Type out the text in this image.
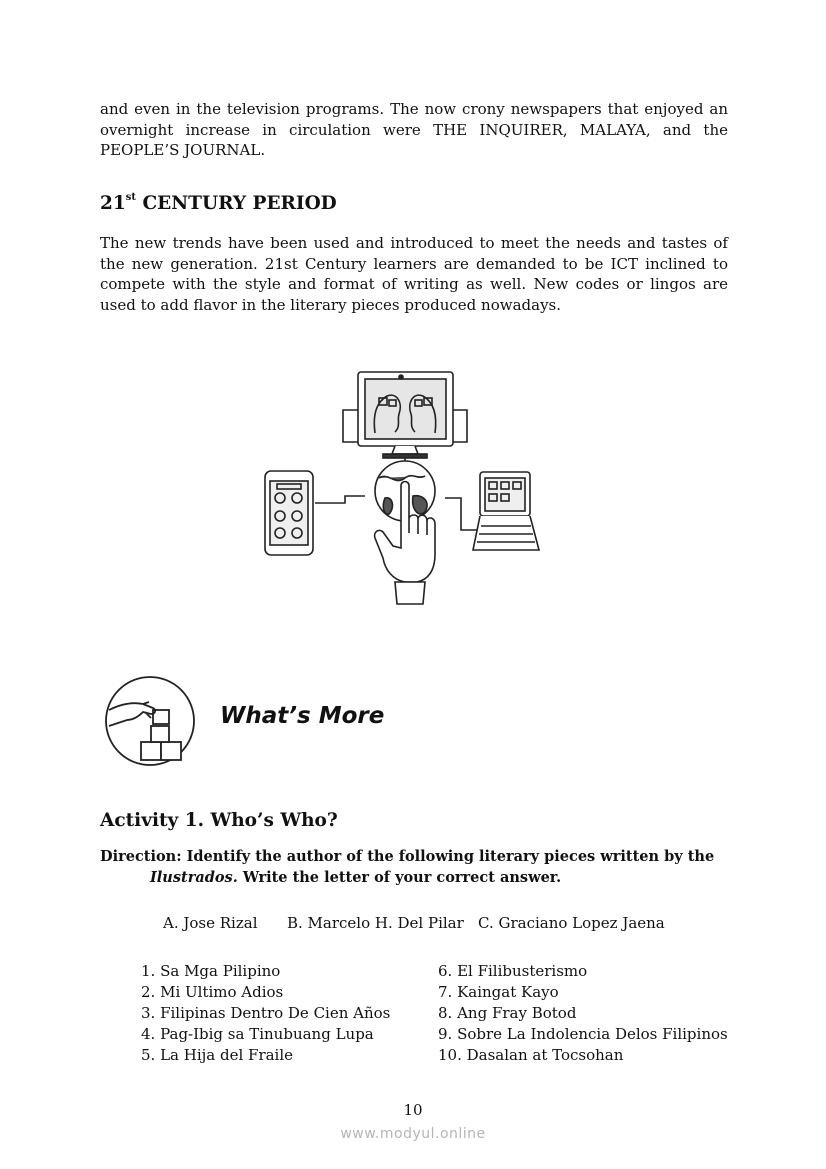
and even in the television programs. The now crony newspapers that enjoyed an overnight increase in circulation were THE INQUIRER, MALAYA, and the PEOPLE’S JOURNAL.

21st CENTURY PERIOD

The new trends have been used and introduced to meet the needs and tastes of the new generation. 21st Century learners are demanded to be ICT inclined to compete with the style and format of writing as well. New codes or lingos are used to add flavor in the literary pieces produced nowadays.

What’s More
Activity 1. Who’s Who?

Direction: Identify the author of the following literary pieces written by the
Ilustrados. Write the letter of your correct answer.

A. Jose Rizal B. Marcelo H. Del Pilar C. Graciano Lopez Jaena
1. Sa Mga Pilipino
2. Mi Ultimo Adios
3. Filipinas Dentro De Cien Años
4. Pag-Ibig sa Tinubuang Lupa
5. La Hija del Fraile
6. El Filibusterismo
7. Kaingat Kayo
8. Ang Fray Botod
9. Sobre La Indolencia Delos Filipinos
10. Dasalan at Tocsohan
10
www.modyul.online
